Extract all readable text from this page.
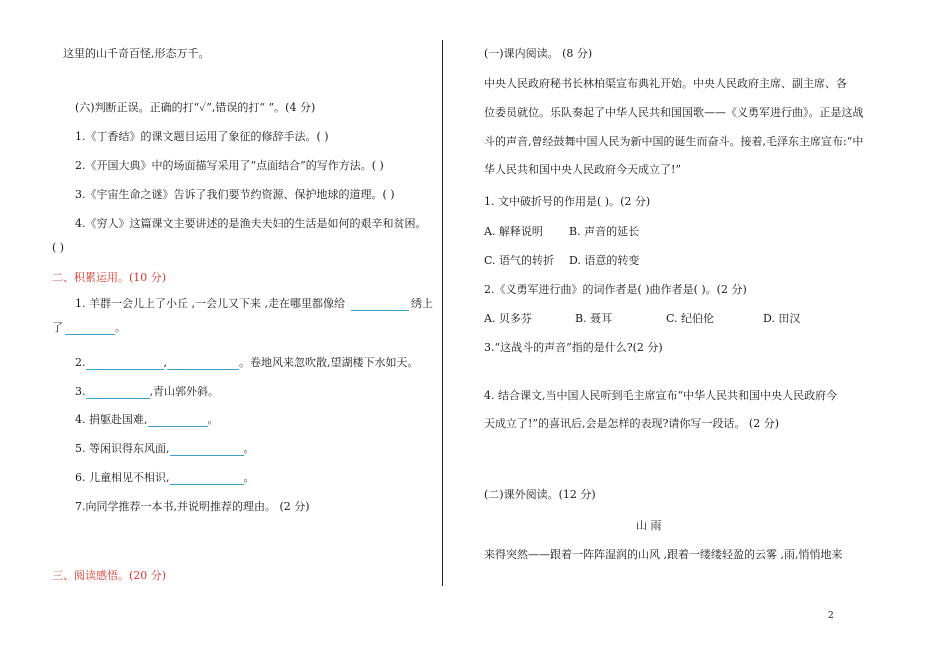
这里的山千奇百怪,形态万千。
(六)判断正误。正确的打“✓”,错误的打“ ”。(4 分)
1.《丁香结》的课文题目运用了象征的修辞手法。( )
2.《开国大典》中的场面描写采用了“点面结合”的写作方法。( )
3.《宇宙生命之谜》告诉了我们要节约资源、保护地球的道理。( )
4.《穷人》这篇课文主要讲述的是渔夫夫妇的生活是如何的艰辛和贫困。
( )
二、积累运用。(10 分)
1. 羊群一会儿上了小丘 ,一会儿又下来 ,走在哪里都像给	绣上
了	。
2.	,	。卷地风来忽吹散,望湖楼下水如天。
3.	,青山郭外斜。
4. 捐躯赴国难,	。
5. 等闲识得东风面,	。
6. 儿童相见不相识,	。
7.向同学推荐一本书,并说明推荐的理由。 (2 分)
三、阅读感悟。(20 分)
(一)课内阅读。 (8 分)
中央人民政府秘书长林柏渠宣布典礼开始。中央人民政府主席、副主席、各
位委员就位。乐队奏起了中华人民共和国国歌——《义勇军进行曲》。正是这战
斗的声音,曾经鼓舞中国人民为新中国的诞生而奋斗。接着,毛泽东主席宣布:“中
华人民共和国中央人民政府今天成立了!”
1. 文中破折号的作用是( )。(2 分)
A. 解释说明 B. 声音的延长
C. 语气的转折 D. 语意的转变
2.《义勇军进行曲》的词作者是( )曲作者是( )。(2 分)
A. 贝多芬	B. 聂耳	C. 纪伯伦	D. 田汉
3.“这战斗的声音”指的是什么?(2 分)
4. 结合课文,当中国人民听到毛主席宣布“中华人民共和国中央人民政府今
天成立了!”的喜讯后,会是怎样的表现?请你写一段话。 (2 分)
(二)课外阅读。(12 分)
山 雨
来得突然——跟着一阵阵湿润的山风 ,跟着一缕缕轻盈的云雾 ,雨,悄悄地来
2
